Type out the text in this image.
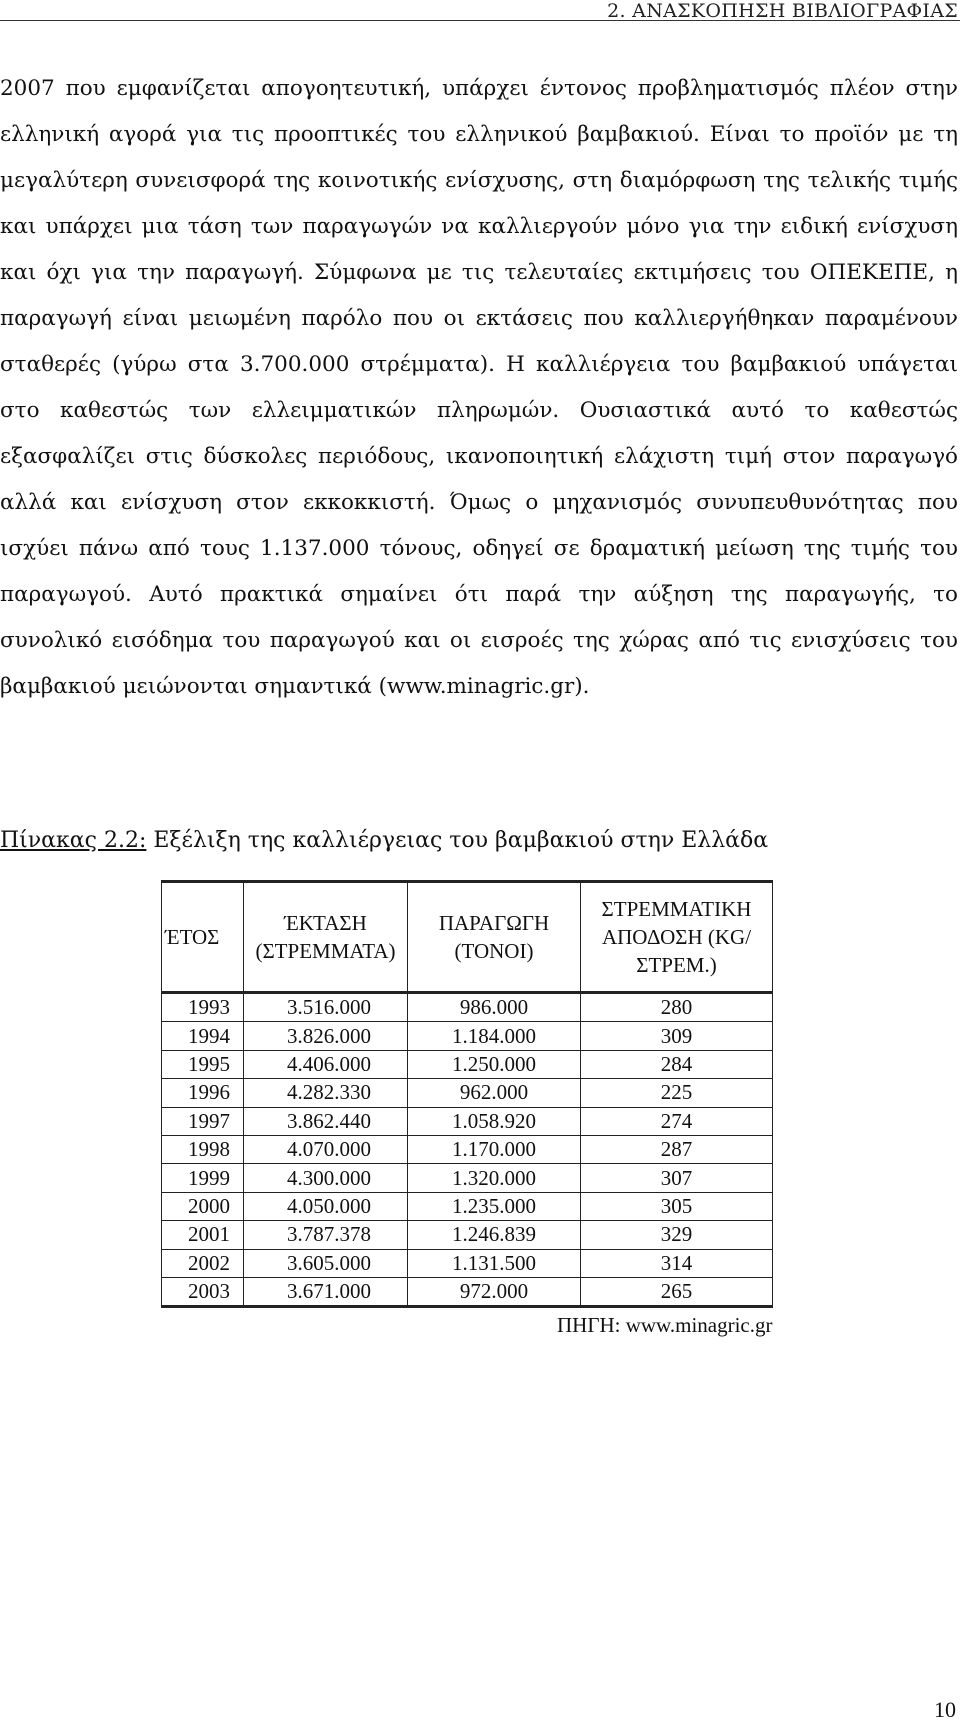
2. ΑΝΑΣΚΟΠΗΣΗ ΒΙΒΛΙΟΓΡΑΦΙΑΣ

2007 που εμφανίζεται απογοητευτική, υπάρχει έντονος προβληματισμός πλέον στην ελληνική αγορά για τις προοπτικές του ελληνικού βαμβακιού. Είναι το προϊόν με τη μεγαλύτερη συνεισφορά της κοινοτικής ενίσχυσης, στη διαμόρφωση της τελικής τιμής και υπάρχει μια τάση των παραγωγών να καλλιεργούν μόνο για την ειδική ενίσχυση και όχι για την παραγωγή. Σύμφωνα με τις τελευταίες εκτιμήσεις του ΟΠΕΚΕΠΕ, η παραγωγή είναι μειωμένη παρόλο που οι εκτάσεις που καλλιεργήθηκαν παραμένουν σταθερές (γύρω στα 3.700.000 στρέμματα). Η καλλιέργεια του βαμβακιού υπάγεται στο καθεστώς των ελλειμματικών πληρωμών. Ουσιαστικά αυτό το καθεστώς εξασφαλίζει στις δύσκολες περιόδους, ικανοποιητική ελάχιστη τιμή στον παραγωγό αλλά και ενίσχυση στον εκκοκκιστή. Όμως ο μηχανισμός συνυπευθυνότητας που ισχύει πάνω από τους 1.137.000 τόνους, οδηγεί σε δραματική μείωση της τιμής του παραγωγού. Αυτό πρακτικά σημαίνει ότι παρά την αύξηση της παραγωγής, το συνολικό εισόδημα του παραγωγού και οι εισροές της χώρας από τις ενισχύσεις του βαμβακιού μειώνονται σημαντικά (www.minagric.gr).

Πίνακας 2.2: Εξέλιξη της καλλιέργειας του βαμβακιού στην Ελλάδα
ΈΤΟΣ	ΈΚΤΑΣΗ (ΣΤΡΕΜΜΑΤΑ)	ΠΑΡΑΓΩΓΗ (ΤΟΝΟΙ)	ΣΤΡΕΜΜΑΤΙΚΗ ΑΠΟΔΟΣΗ (KG/ΣΤΡΕΜ.)
1993	3.516.000	986.000	280
1994	3.826.000	1.184.000	309
1995	4.406.000	1.250.000	284
1996	4.282.330	962.000	225
1997	3.862.440	1.058.920	274
1998	4.070.000	1.170.000	287
1999	4.300.000	1.320.000	307
2000	4.050.000	1.235.000	305
2001	3.787.378	1.246.839	329
2002	3.605.000	1.131.500	314
2003	3.671.000	972.000	265
ΠΗΓΗ: www.minagric.gr			
10
